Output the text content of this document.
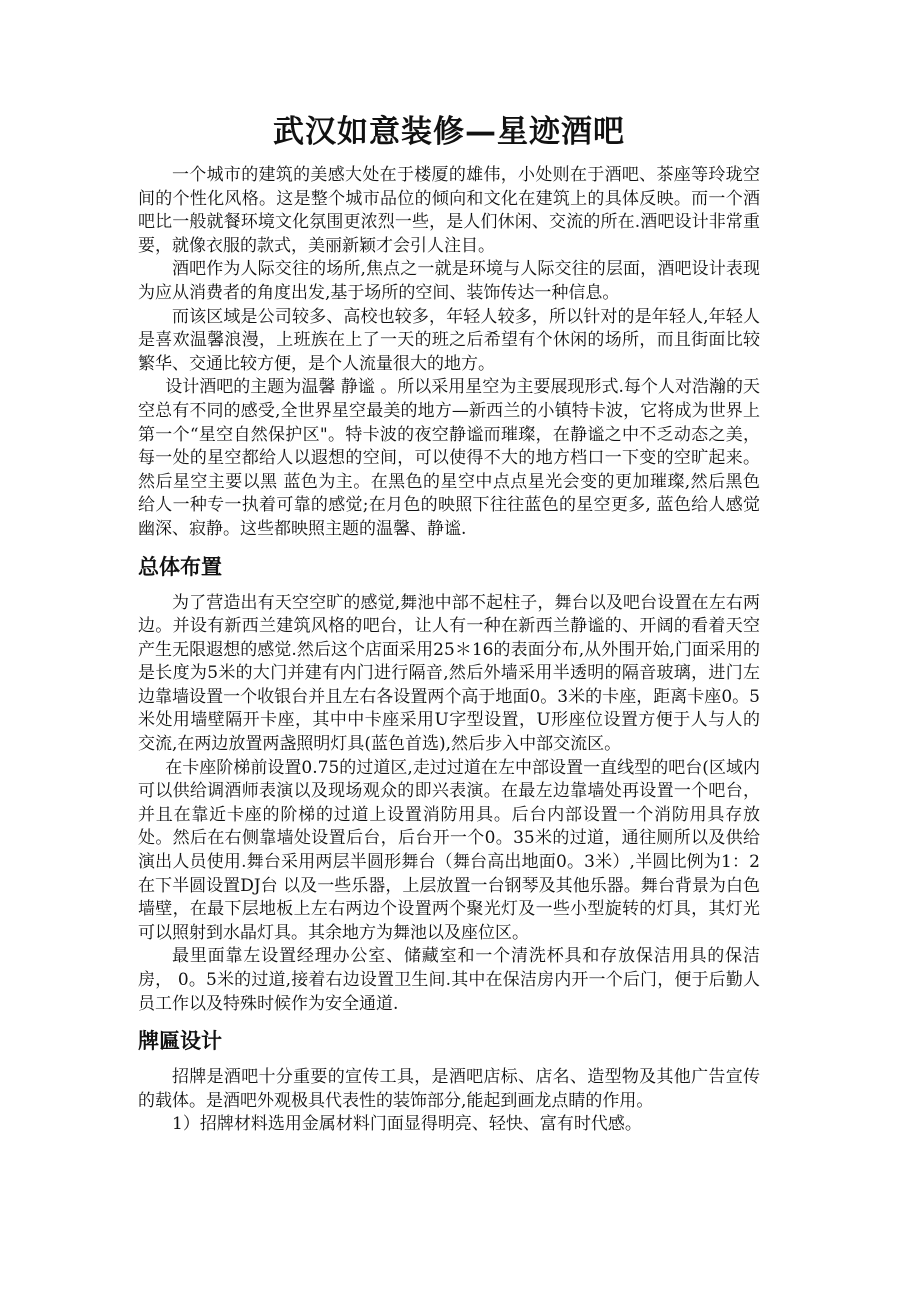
武汉如意装修—星迹酒吧

一个城市的建筑的美感大处在于楼厦的雄伟，小处则在于酒吧、茶座等玲珑空间的个性化风格。这是整个城市品位的倾向和文化在建筑上的具体反映。而一个酒吧比一般就餐环境文化氛围更浓烈一些，是人们休闲、交流的所在.酒吧设计非常重要，就像衣服的款式，美丽新颖才会引人注目。

酒吧作为人际交往的场所,焦点之一就是环境与人际交往的层面，酒吧设计表现为应从消费者的角度出发,基于场所的空间、装饰传达一种信息。

而该区域是公司较多、高校也较多，年轻人较多，所以针对的是年轻人,年轻人是喜欢温馨浪漫，上班族在上了一天的班之后希望有个休闲的场所，而且街面比较繁华、交通比较方便，是个人流量很大的地方。

设计酒吧的主题为温馨 静谧 。所以采用星空为主要展现形式.每个人对浩瀚的天空总有不同的感受,全世界星空最美的地方—新西兰的小镇特卡波，它将成为世界上第一个“星空自然保护区"。特卡波的夜空静谧而璀璨，在静谧之中不乏动态之美，每一处的星空都给人以遐想的空间，可以使得不大的地方档口一下变的空旷起来。然后星空主要以黑 蓝色为主。在黑色的星空中点点星光会变的更加璀璨,然后黑色给人一种专一执着可靠的感觉;在月色的映照下往往蓝色的星空更多, 蓝色给人感觉幽深、寂静。这些都映照主题的温馨、静谧.

总体布置

为了营造出有天空空旷的感觉,舞池中部不起柱子，舞台以及吧台设置在左右两边。并设有新西兰建筑风格的吧台，让人有一种在新西兰静谧的、开阔的看着天空 产生无限遐想的感觉.然后这个店面采用25＊16的表面分布,从外围开始,门面采用的是长度为5米的大门并建有内门进行隔音,然后外墙采用半透明的隔音玻璃，进门左边靠墙设置一个收银台并且左右各设置两个高于地面0。3米的卡座，距离卡座0。5米处用墙壁隔开卡座，其中中卡座采用U字型设置，U形座位设置方便于人与人的交流,在两边放置两盏照明灯具(蓝色首选),然后步入中部交流区。

在卡座阶梯前设置0.75的过道区,走过过道在左中部设置一直线型的吧台(区域内可以供给调酒师表演以及现场观众的即兴表演。在最左边靠墙处再设置一个吧台，并且在靠近卡座的阶梯的过道上设置消防用具。后台内部设置一个消防用具存放处。然后在右侧靠墙处设置后台，后台开一个0。35米的过道，通往厕所以及供给演出人员使用.舞台采用两层半圆形舞台（舞台高出地面0。3米）,半圆比例为1：2在下半圆设置DJ台 以及一些乐器，上层放置一台钢琴及其他乐器。舞台背景为白色墙壁，在最下层地板上左右两边个设置两个聚光灯及一些小型旋转的灯具，其灯光可以照射到水晶灯具。其余地方为舞池以及座位区。

最里面靠左设置经理办公室、储藏室和一个清洗杯具和存放保洁用具的保洁房， 0。5米的过道,接着右边设置卫生间.其中在保洁房内开一个后门，便于后勤人员工作以及特殊时候作为安全通道.

牌匾设计

招牌是酒吧十分重要的宣传工具，是酒吧店标、店名、造型物及其他广告宣传的载体。是酒吧外观极具代表性的装饰部分,能起到画龙点睛的作用。

1）招牌材料选用金属材料门面显得明亮、轻快、富有时代感。
